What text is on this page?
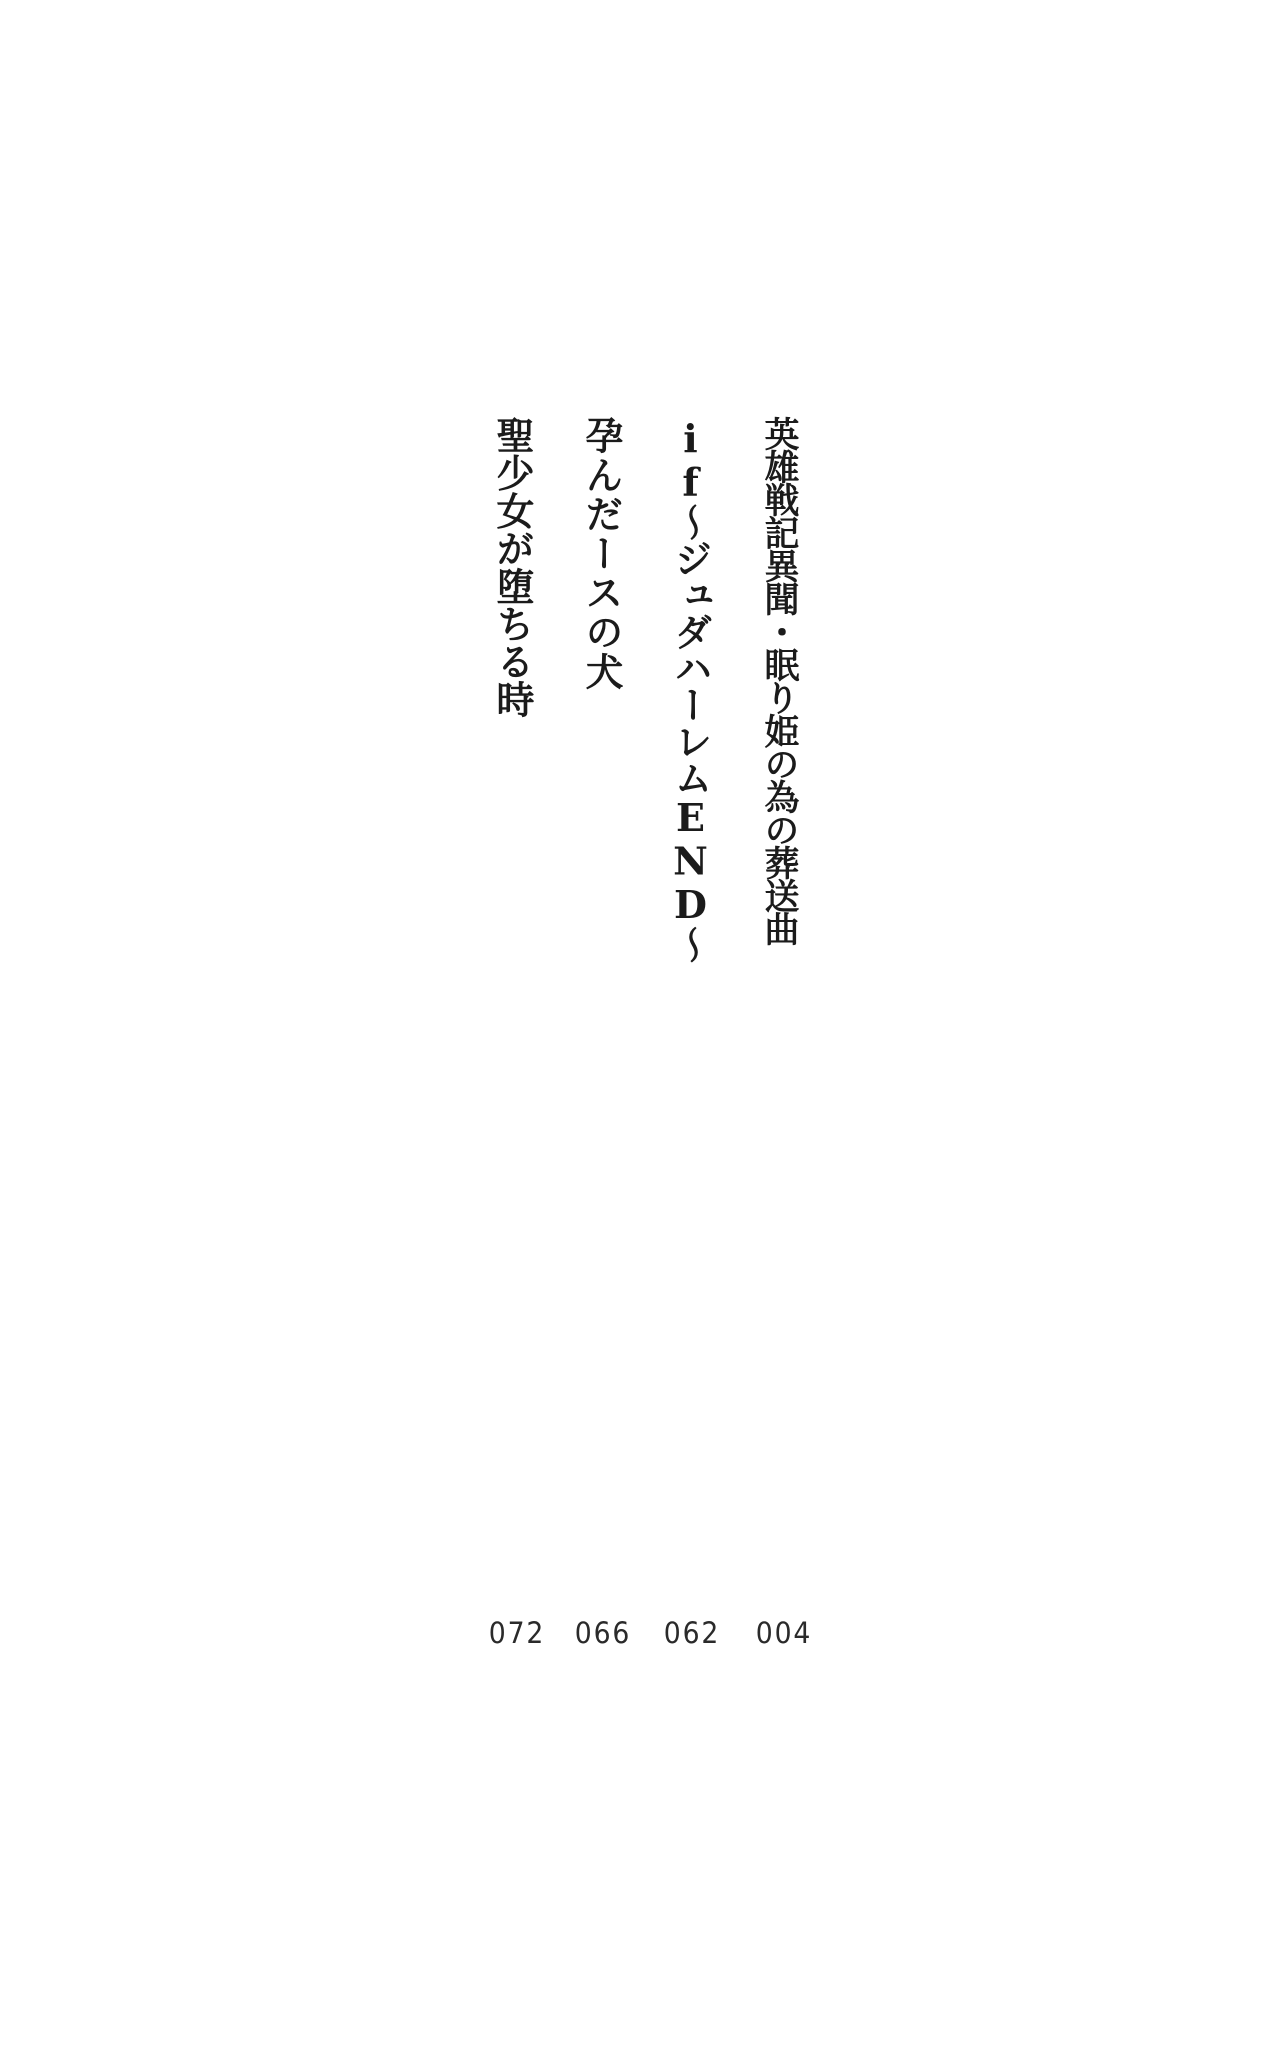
英雄戦記異聞・眠り姫の為の葬送曲
if～ジュダハーレムEND～
孕んだースの犬
聖少女が堕ちる時
004
062
066
072
